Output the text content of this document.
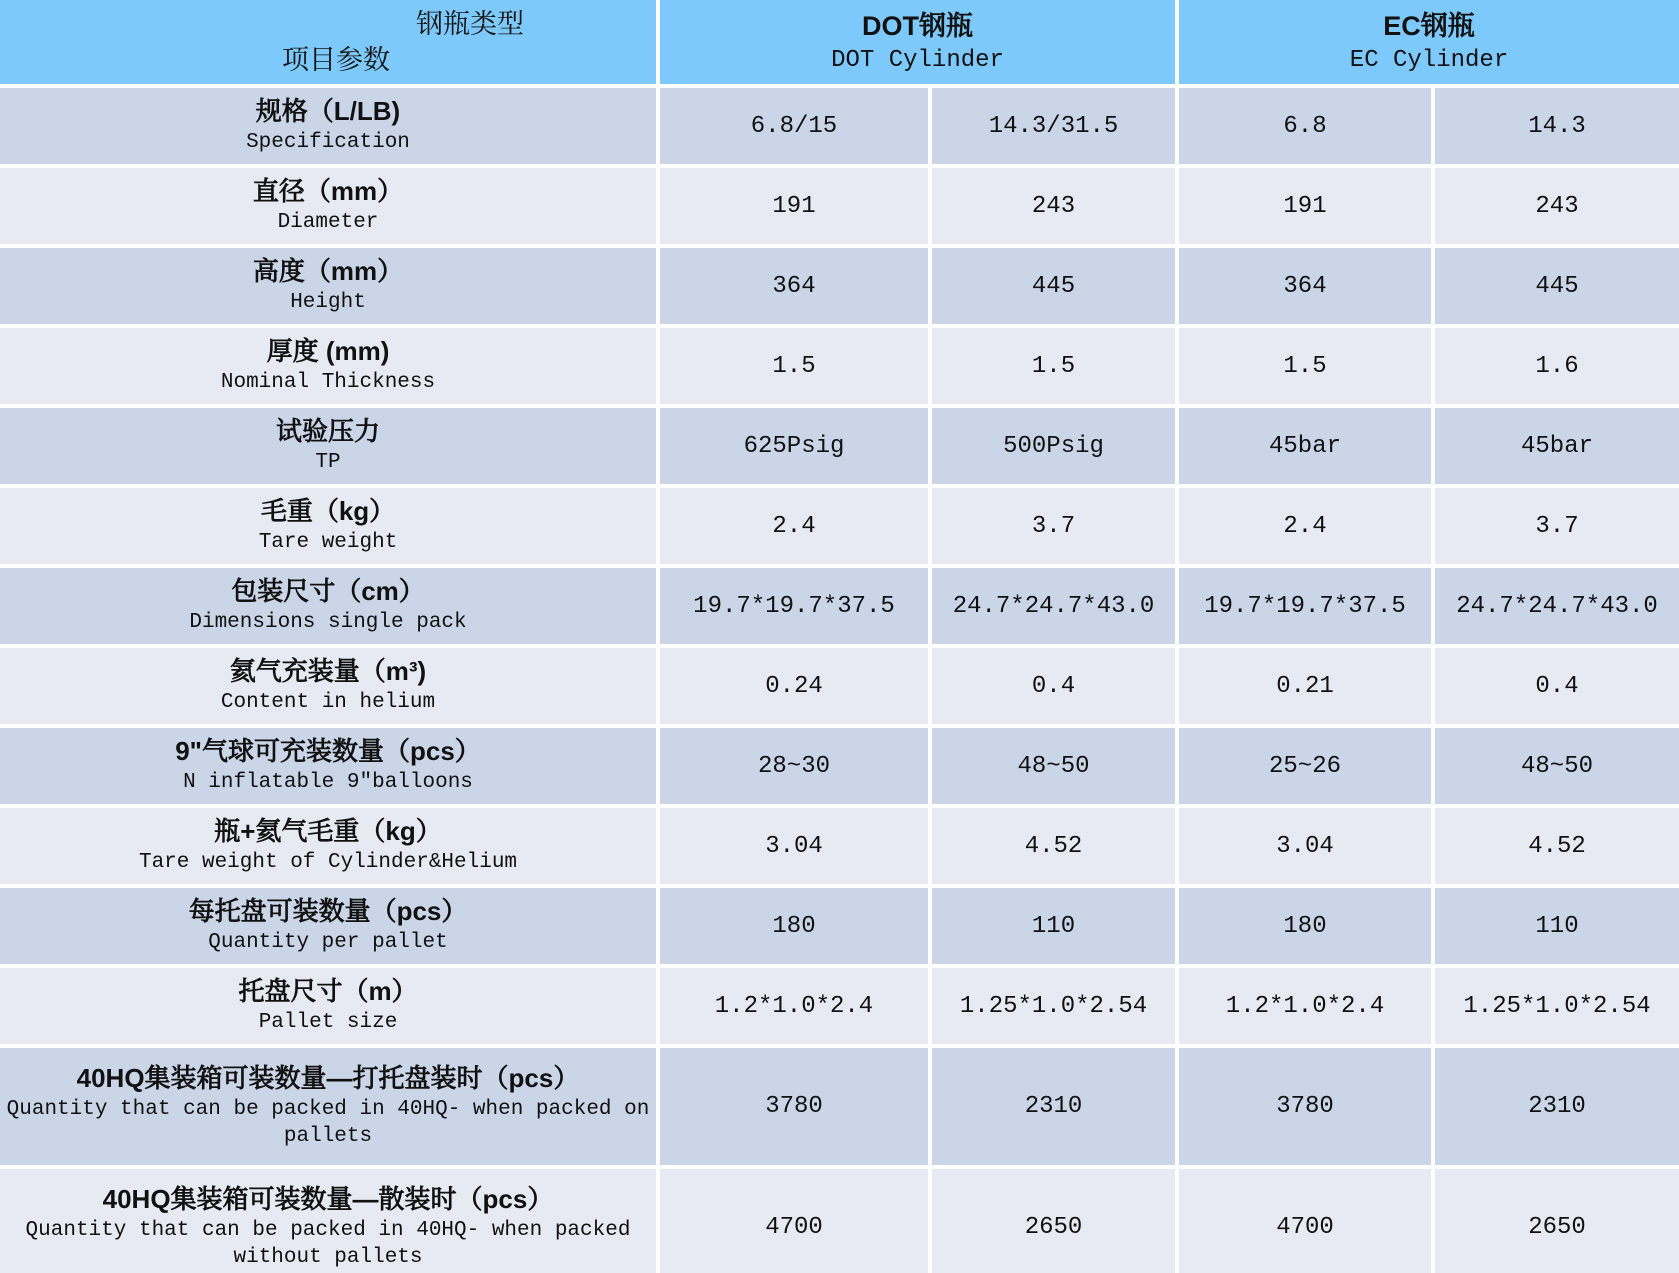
钢瓶类型
项目参数

DOT钢瓶
DOT Cylinder

EC钢瓶
EC Cylinder

规格（L/LB)
Specification	6.8/15	14.3/31.5	6.8	14.3

直径（mm）
Diameter	191	243	191	243

高度（mm）
Height	364	445	364	445

厚度 (mm)
Nominal Thickness	1.5	1.5	1.5	1.6

试验压力
TP	625Psig	500Psig	45bar	45bar

毛重（kg）
Tare weight	2.4	3.7	2.4	3.7

包装尺寸（cm）
Dimensions single pack	19.7*19.7*37.5	24.7*24.7*43.0	19.7*19.7*37.5	24.7*24.7*43.0

氦气充装量（m³)
Content in helium	0.24	0.4	0.21	0.4

9"气球可充装数量（pcs）
N inflatable 9″balloons	28~30	48~50	25~26	48~50

瓶+氦气毛重（kg）
Tare weight of Cylinder&Helium	3.04	4.52	3.04	4.52

每托盘可装数量（pcs）
Quantity per pallet	180	110	180	110

托盘尺寸（m）
Pallet size	1.2*1.0*2.4	1.25*1.0*2.54	1.2*1.0*2.4	1.25*1.0*2.54

40HQ集装箱可装数量—打托盘装时（pcs）
Quantity that can be packed in 40HQ- when packed on pallets	3780	2310	3780	2310

40HQ集装箱可装数量—散装时（pcs）
Quantity that can be packed in 40HQ- when packed without pallets	4700	2650	4700	2650
